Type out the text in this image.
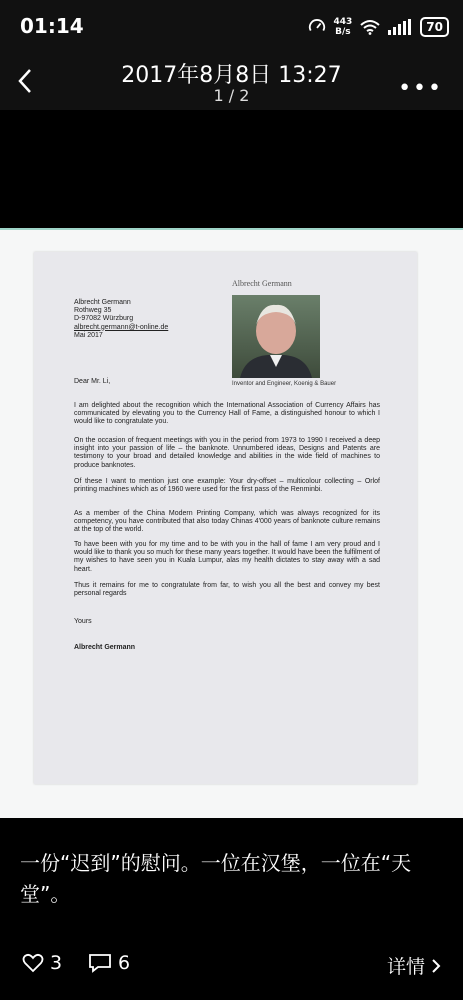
01:14	443
B/s	70
2017年8月8日 13:27
1 / 2	•••
Albrecht Germann
Inventor and Engineer, Koenig & Bauer
Albrecht Germann
Rothweg 35
D-97082 Würzburg
albrecht.germann@t-online.de
Mai 2017
Dear Mr. Li,
I am delighted about the recognition which the International Association of Currency Affairs has communicated by elevating you to the Currency Hall of Fame, a distinguished honour to which I would like to congratulate you.
On the occasion of frequent meetings with you in the period from 1973 to 1990 I received a deep insight into your passion of life – the banknote. Unnumbered ideas, Designs and Patents are testimony to your broad and detailed knowledge and abilities in the wide field of machines to produce banknotes.
Of these I want to mention just one example: Your dry-offset – multicolour collecting – Orlof printing machines which as of 1960 were used for the first pass of the Renminbi.
As a member of the China Modern Printing Company, which was always recognized for its competency, you have contributed that also today Chinas 4'000 years of banknote culture remains at the top of the world.
To have been with you for my time and to be with you in the hall of fame I am very proud and I would like to thank you so much for these many years together. It would have been the fulfilment of my wishes to have seen you in Kuala Lumpur, alas my health dictates to stay away with a sad heart.
Thus it remains for me to congratulate from far, to wish you all the best and convey my best personal regards
Yours
Albrecht Germann
一份“迟到”的慰问。一位在汉堡，一位在“天堂”。
3	6	详情
